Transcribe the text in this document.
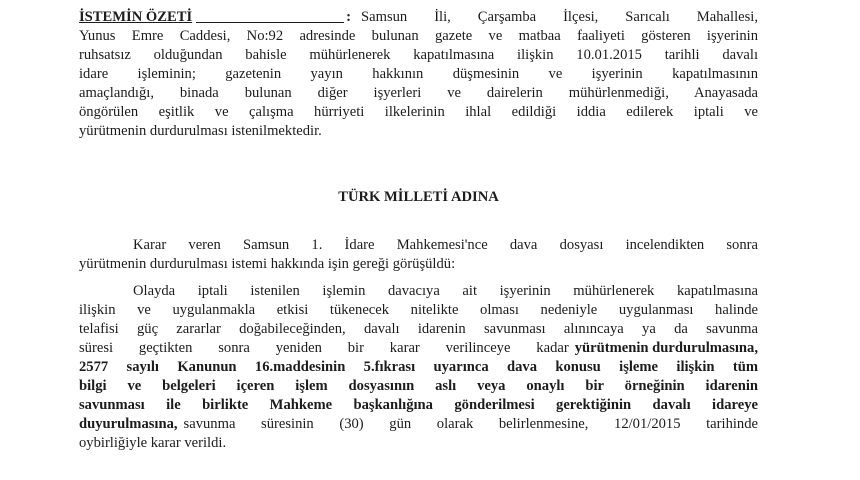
İSTEMİN ÖZETİ	: Samsun İli, Çarşamba İlçesi, Sarıcalı Mahallesi,
Yunus Emre Caddesi, No:92 adresinde bulunan gazete ve matbaa faaliyeti gösteren işyerinin
ruhsatsız olduğundan bahisle mühürlenerek kapatılmasına ilişkin 10.01.2015 tarihli davalı
idare işleminin; gazetenin yayın hakkının düşmesinin ve işyerinin kapatılmasının
amaçlandığı, binada bulunan diğer işyerleri ve dairelerin mühürlenmediği, Anayasada
öngörülen eşitlik ve çalışma hürriyeti ilkelerinin ihlal edildiği iddia edilerek iptali ve
yürütmenin durdurulması istenilmektedir.
TÜRK MİLLETİ ADINA
Karar veren Samsun 1. İdare Mahkemesi'nce dava dosyası incelendikten sonra
yürütmenin durdurulması istemi hakkında işin gereği görüşüldü:
Olayda iptali istenilen işlemin davacıya ait işyerinin mühürlenerek kapatılmasına
ilişkin ve uygulanmakla etkisi tükenecek nitelikte olması nedeniyle uygulanması halinde
telafisi güç zararlar doğabileceğinden, davalı idarenin savunması alınıncaya ya da savunma
süresi geçtikten sonra yeniden bir karar verilinceye kadar yürütmenin durdurulmasına,
2577 sayılı Kanunun 16.maddesinin 5.fıkrası uyarınca dava konusu işleme ilişkin tüm
bilgi ve belgeleri içeren işlem dosyasının aslı veya onaylı bir örneğinin idarenin
savunması ile birlikte Mahkeme başkanlığına gönderilmesi gerektiğinin davalı idareye
duyurulmasına, savunma süresinin (30) gün olarak belirlenmesine, 12/01/2015 tarihinde
oybirliğiyle karar verildi.
